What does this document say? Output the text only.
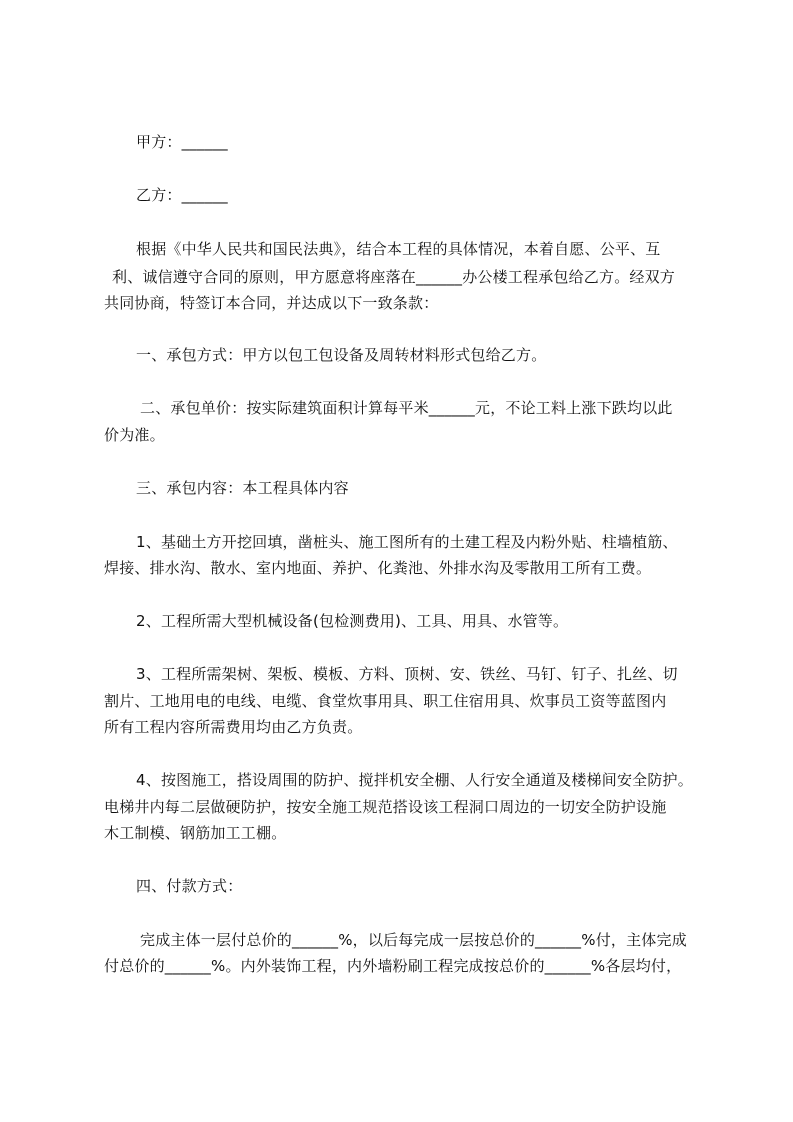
甲方：______
乙方：______
根据《中华人民共和国民法典》，结合本工程的具体情况，本着自愿、公平、互
利、诚信遵守合同的原则，甲方愿意将座落在______办公楼工程承包给乙方。经双方
共同协商，特签订本合同，并达成以下一致条款：
一、承包方式：甲方以包工包设备及周转材料形式包给乙方。
二、承包单价：按实际建筑面积计算每平米______元，不论工料上涨下跌均以此
价为准。
三、承包内容：本工程具体内容
1、基础土方开挖回填，凿桩头、施工图所有的土建工程及内粉外贴、柱墙植筋、
焊接、排水沟、散水、室内地面、养护、化粪池、外排水沟及零散用工所有工费。
2、工程所需大型机械设备(包检测费用)、工具、用具、水管等。
3、工程所需架树、架板、模板、方料、顶树、安、铁丝、马钉、钉子、扎丝、切
割片、工地用电的电线、电缆、食堂炊事用具、职工住宿用具、炊事员工资等蓝图内
所有工程内容所需费用均由乙方负责。
4、按图施工，搭设周围的防护、搅拌机安全棚、人行安全通道及楼梯间安全防护。
电梯井内每二层做硬防护，按安全施工规范搭设该工程洞口周边的一切安全防护设施
木工制模、钢筋加工工棚。
四、付款方式：
完成主体一层付总价的______%，以后每完成一层按总价的______%付，主体完成
付总价的______%。内外装饰工程，内外墙粉刷工程完成按总价的______%各层均付，
